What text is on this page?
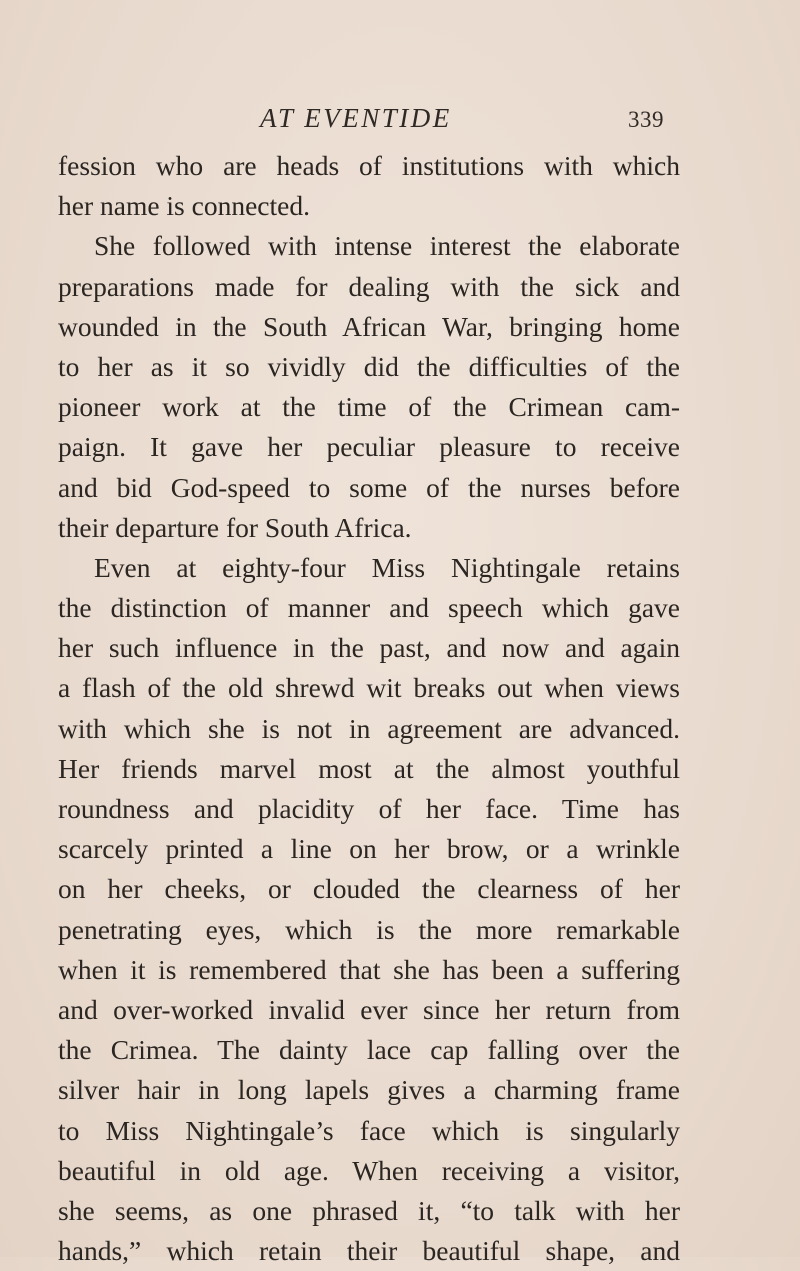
AT EVENTIDE	339
fession who are heads of institutions with which
her name is connected.
She followed with intense interest the elaborate
preparations made for dealing with the sick and
wounded in the South African War, bringing home
to her as it so vividly did the difficulties of the
pioneer work at the time of the Crimean cam-
paign. It gave her peculiar pleasure to receive
and bid God-speed to some of the nurses before
their departure for South Africa.
Even at eighty-four Miss Nightingale retains
the distinction of manner and speech which gave
her such influence in the past, and now and again
a flash of the old shrewd wit breaks out when views
with which she is not in agreement are advanced.
Her friends marvel most at the almost youthful
roundness and placidity of her face. Time has
scarcely printed a line on her brow, or a wrinkle
on her cheeks, or clouded the clearness of her
penetrating eyes, which is the more remarkable
when it is remembered that she has been a suffering
and over-worked invalid ever since her return from
the Crimea. The dainty lace cap falling over the
silver hair in long lapels gives a charming frame
to Miss Nightingale’s face which is singularly
beautiful in old age. When receiving a visitor,
she seems, as one phrased it, “to talk with her
hands,” which retain their beautiful shape, and
